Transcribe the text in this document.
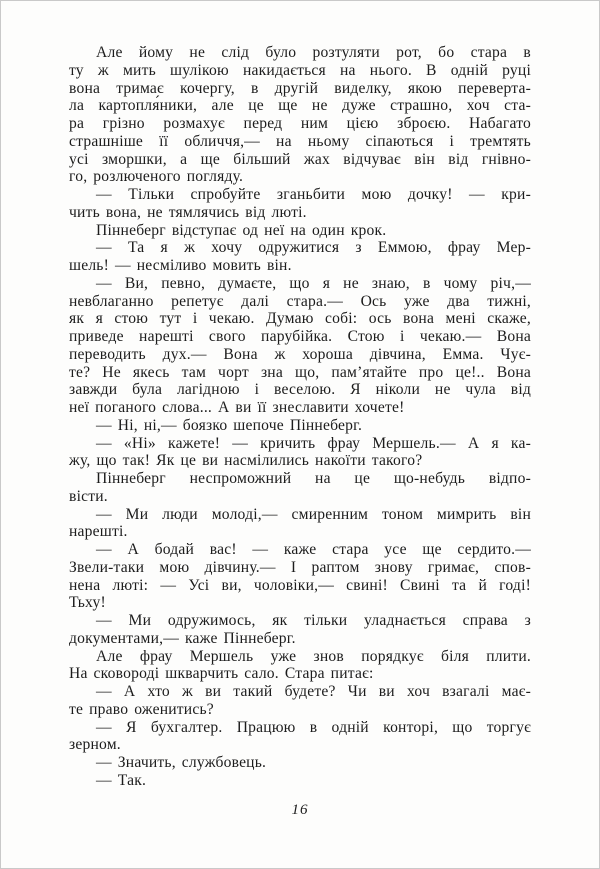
Але йому не слід було розтуляти рот, бо стара в
ту ж мить шулікою накидається на нього. В одній руці
вона тримає кочергу, в другій виделку, якою переверта-
ла картопля́ники, але це ще не дуже страшно, хоч ста-
ра грізно розмахує перед ним цією зброєю. Набагато
страшніше її обличчя,— на ньому сіпаються і тремтять
усі зморшки, а ще більший жах відчуває він від гнівно-
го, розлюченого погляду.
— Тільки спробуйте зганьбити мою дочку! — кри-
чить вона, не тямлячись від люті.
Піннеберг відступає од неї на один крок.
— Та я ж хочу одружитися з Еммою, фрау Мер-
шель! — несміливо мовить він.
— Ви, певно, думаєте, що я не знаю, в чому річ,—
невблаганно репетує далі стара.— Ось уже два тижні,
як я стою тут і чекаю. Думаю собі: ось вона мені скаже,
приведе нарешті свого парубійка. Стою і чекаю.— Вона
переводить дух.— Вона ж хороша дівчина, Емма. Чує-
те? Не якесь там чорт зна що, пам’ятайте про це!.. Вона
завжди була лагідною і веселою. Я ніколи не чула від
неї поганого слова... А ви її знеславити хочете!
— Ні, ні,— боязко шепоче Піннеберг.
— «Ні» кажете! — кричить фрау Мершель.— А я ка-
жу, що так! Як це ви насмілились накоїти такого?
Піннеберг неспроможний на це що-небудь відпо-
вісти.
— Ми люди молоді,— смиренним тоном мимрить він
нарешті.
— А бодай вас! — каже стара усе ще сердито.—
Звели-таки мою дівчину.— І раптом знову гримає, спов-
нена люті: — Усі ви, чоловіки,— свині! Свині та й годі!
Тьху!
— Ми одружимось, як тільки уладнається справа з
документами,— каже Піннеберг.
Але фрау Мершель уже знов порядкує біля плити.
На сковороді шкварчить сало. Стара питає:
— А хто ж ви такий будете? Чи ви хоч взагалі має-
те право оженитись?
— Я бухгалтер. Працюю в одній конторі, що торгує
зерном.
— Значить, службовець.
— Так.
16
